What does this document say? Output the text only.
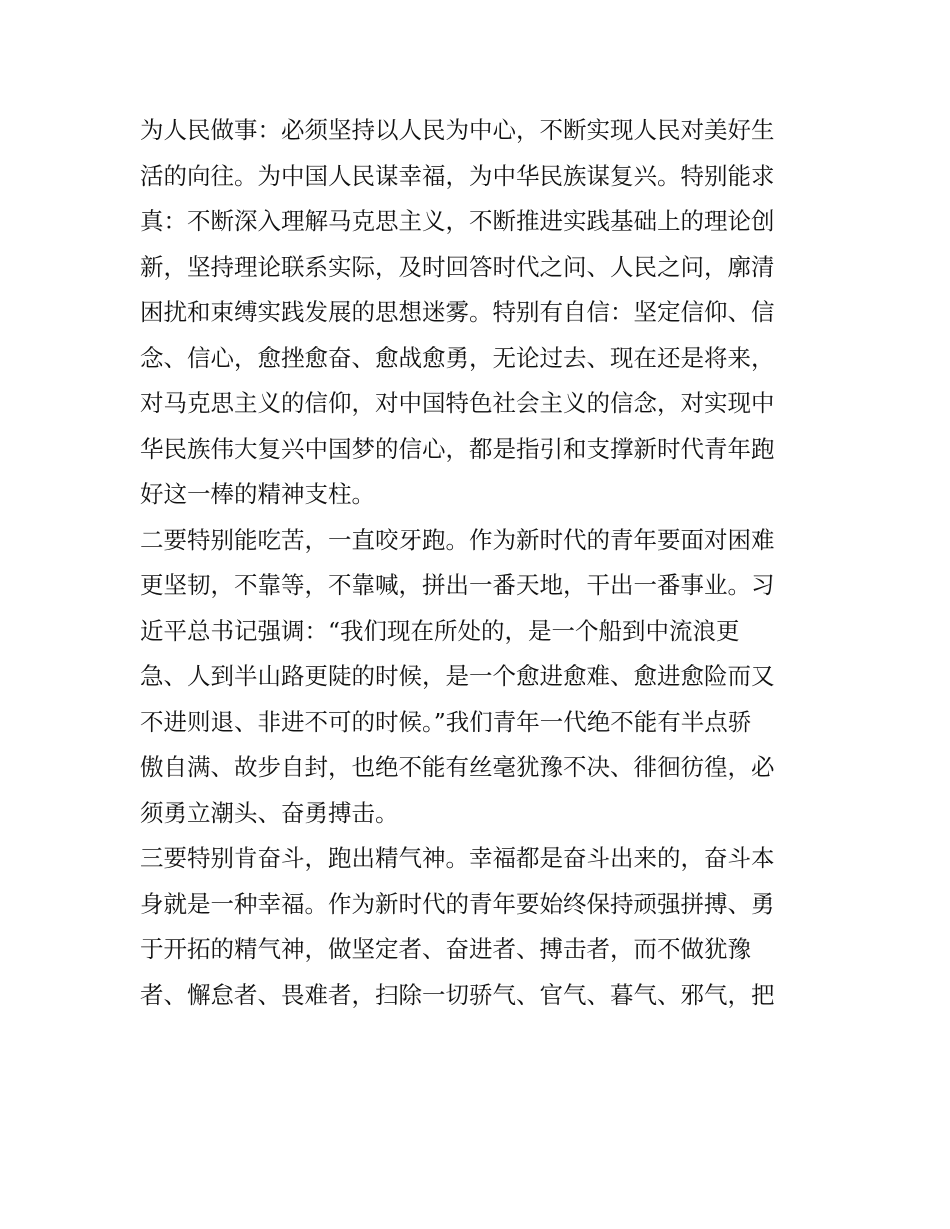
为人民做事：必须坚持以人民为中心，不断实现人民对美好生
活的向往。为中国人民谋幸福，为中华民族谋复兴。特别能求
真：不断深入理解马克思主义，不断推进实践基础上的理论创
新，坚持理论联系实际，及时回答时代之问、人民之问，廓清
困扰和束缚实践发展的思想迷雾。特别有自信：坚定信仰、信
念、信心，愈挫愈奋、愈战愈勇，无论过去、现在还是将来，
对马克思主义的信仰，对中国特色社会主义的信念，对实现中
华民族伟大复兴中国梦的信心，都是指引和支撑新时代青年跑
好这一棒的精神支柱。
二要特别能吃苦，一直咬牙跑。作为新时代的青年要面对困难
更坚韧，不靠等，不靠喊，拼出一番天地，干出一番事业。习
近平总书记强调：“我们现在所处的，是一个船到中流浪更
急、人到半山路更陡的时候，是一个愈进愈难、愈进愈险而又
不进则退、非进不可的时候。”我们青年一代绝不能有半点骄
傲自满、故步自封，也绝不能有丝毫犹豫不决、徘徊彷徨，必
须勇立潮头、奋勇搏击。
三要特别肯奋斗，跑出精气神。幸福都是奋斗出来的，奋斗本
身就是一种幸福。作为新时代的青年要始终保持顽强拼搏、勇
于开拓的精气神，做坚定者、奋进者、搏击者，而不做犹豫
者、懈怠者、畏难者，扫除一切骄气、官气、暮气、邪气，把
